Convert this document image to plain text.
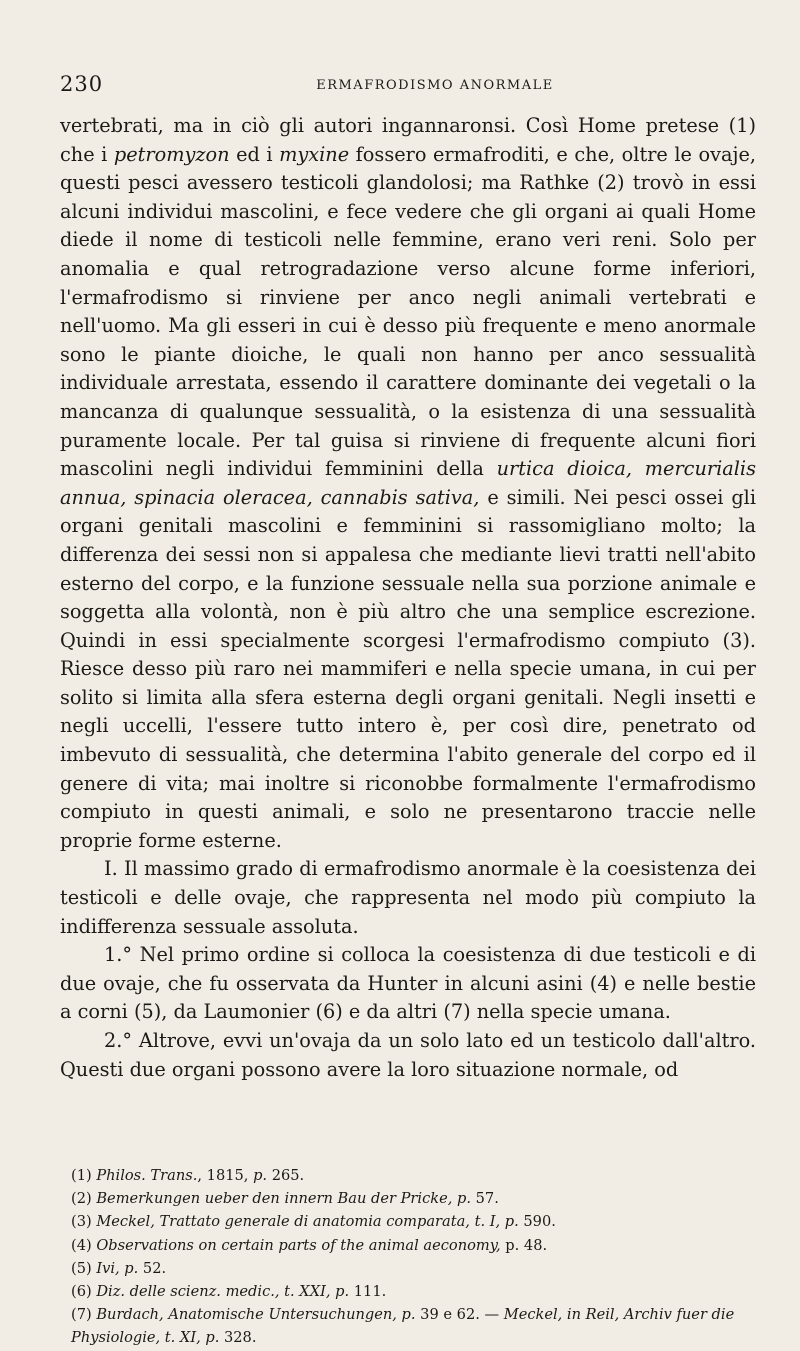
230	ERMAFRODISMO ANORMALE

vertebrati, ma in ciò gli autori ingannaronsi. Così Home pretese (1) che i petromyzon ed i myxine fossero ermafroditi, e che, oltre le ovaje, questi pesci avessero testicoli glandolosi; ma Rathke (2) trovò in essi alcuni individui mascolini, e fece vedere che gli organi ai quali Home diede il nome di testicoli nelle femmine, erano veri reni. Solo per anomalia e qual retrogradazione verso alcune forme inferiori, l'ermafrodismo si rinviene per anco negli animali vertebrati e nell'uomo. Ma gli esseri in cui è desso più frequente e meno anormale sono le piante dioiche, le quali non hanno per anco sessualità individuale arrestata, essendo il carattere dominante dei vegetali o la mancanza di qualunque sessualità, o la esistenza di una sessualità puramente locale. Per tal guisa si rinviene di frequente alcuni fiori mascolini negli individui femminini della urtica dioica, mercurialis annua, spinacia oleracea, cannabis sativa, e simili. Nei pesci ossei gli organi genitali mascolini e femminini si rassomigliano molto; la differenza dei sessi non si appalesa che mediante lievi tratti nell'abito esterno del corpo, e la funzione sessuale nella sua porzione animale e soggetta alla volontà, non è più altro che una semplice escrezione. Quindi in essi specialmente scorgesi l'ermafrodismo compiuto (3). Riesce desso più raro nei mammiferi e nella specie umana, in cui per solito si limita alla sfera esterna degli organi genitali. Negli insetti e negli uccelli, l'essere tutto intero è, per così dire, penetrato od imbevuto di sessualità, che determina l'abito generale del corpo ed il genere di vita; mai inoltre si riconobbe formalmente l'ermafrodismo compiuto in questi animali, e solo ne presentarono traccie nelle proprie forme esterne.

I. Il massimo grado di ermafrodismo anormale è la coesistenza dei testicoli e delle ovaje, che rappresenta nel modo più compiuto la indifferenza sessuale assoluta.

1.° Nel primo ordine si colloca la coesistenza di due testicoli e di due ovaje, che fu osservata da Hunter in alcuni asini (4) e nelle bestie a corni (5), da Laumonier (6) e da altri (7) nella specie umana.

2.° Altrove, evvi un'ovaja da un solo lato ed un testicolo dall'altro. Questi due organi possono avere la loro situazione normale, od

(1) Philos. Trans., 1815, p. 265.
(2) Bemerkungen ueber den innern Bau der Pricke, p. 57.
(3) Meckel, Trattato generale di anatomia comparata, t. I, p. 590.
(4) Observations on certain parts of the animal aeconomy, p. 48.
(5) Ivi, p. 52.
(6) Diz. delle scienz. medic., t. XXI, p. 111.
(7) Burdach, Anatomische Untersuchungen, p. 39 e 62. — Meckel, in Reil, Archiv fuer die Physiologie, t. XI, p. 328.
